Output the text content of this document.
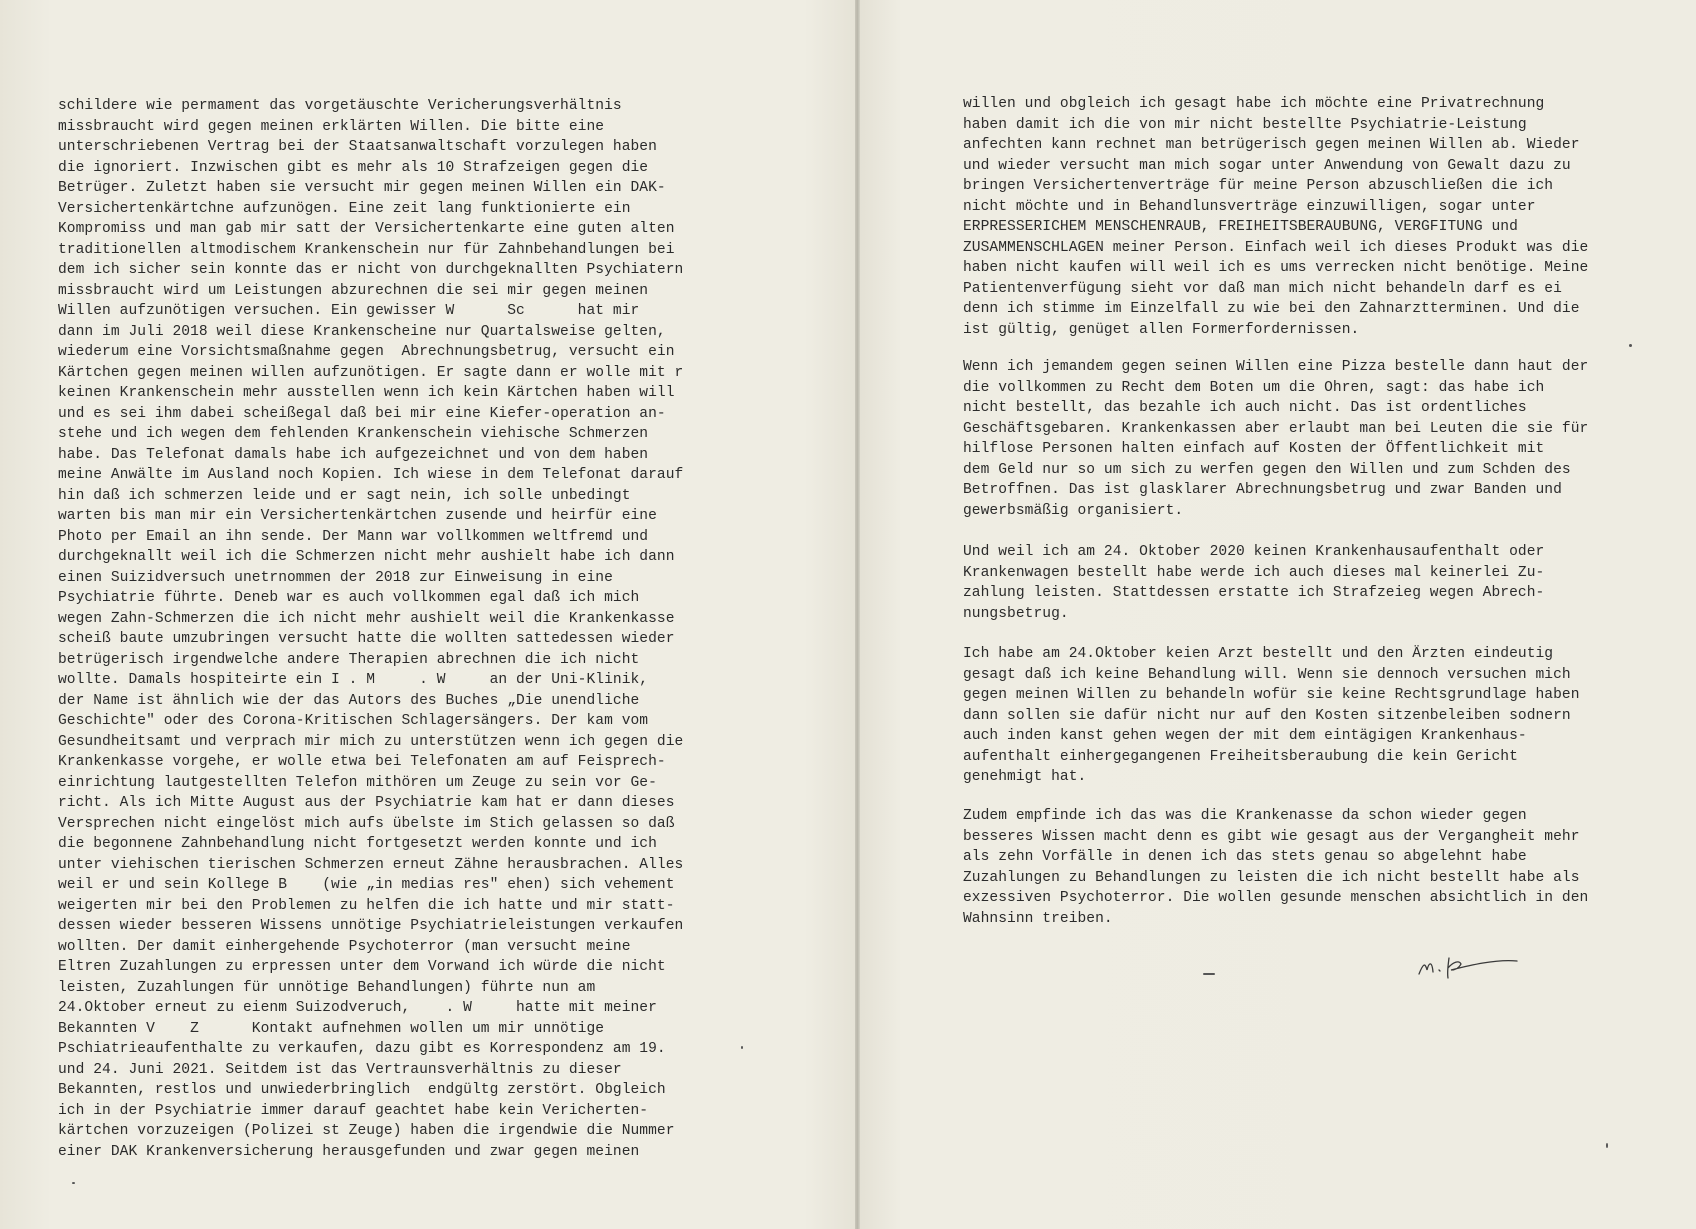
schildere wie permament das vorgetäuschte Vericherungsverhältnis
missbraucht wird gegen meinen erklärten Willen. Die bitte eine
unterschriebenen Vertrag bei der Staatsanwaltschaft vorzulegen haben
die ignoriert. Inzwischen gibt es mehr als 10 Strafzeigen gegen die
Betrüger. Zuletzt haben sie versucht mir gegen meinen Willen ein DAK-
Versichertenkärtchne aufzunögen. Eine zeit lang funktionierte ein
Kompromiss und man gab mir satt der Versichertenkarte eine guten alten
traditionellen altmodischem Krankenschein nur für Zahnbehandlungen bei
dem ich sicher sein konnte das er nicht von durchgeknallten Psychiatern
missbraucht wird um Leistungen abzurechnen die sei mir gegen meinen
Willen aufzunötigen versuchen. Ein gewisser W      Sc      hat mir
dann im Juli 2018 weil diese Krankenscheine nur Quartalsweise gelten,
wiederum eine Vorsichtsmaßnahme gegen  Abrechnungsbetrug, versucht ein
Kärtchen gegen meinen willen aufzunötigen. Er sagte dann er wolle mit r
keinen Krankenschein mehr ausstellen wenn ich kein Kärtchen haben will
und es sei ihm dabei scheißegal daß bei mir eine Kiefer-operation an-
stehe und ich wegen dem fehlenden Krankenschein viehische Schmerzen
habe. Das Telefonat damals habe ich aufgezeichnet und von dem haben
meine Anwälte im Ausland noch Kopien. Ich wiese in dem Telefonat darauf
hin daß ich schmerzen leide und er sagt nein, ich solle unbedingt
warten bis man mir ein Versichertenkärtchen zusende und heirfür eine
Photo per Email an ihn sende. Der Mann war vollkommen weltfremd und
durchgeknallt weil ich die Schmerzen nicht mehr aushielt habe ich dann
einen Suizidversuch unetrnommen der 2018 zur Einweisung in eine
Psychiatrie führte. Deneb war es auch vollkommen egal daß ich mich
wegen Zahn-Schmerzen die ich nicht mehr aushielt weil die Krankenkasse
scheiß baute umzubringen versucht hatte die wollten sattedessen wieder
betrügerisch irgendwelche andere Therapien abrechnen die ich nicht
wollte. Damals hospiteirte ein I . M     . W     an der Uni-Klinik,
der Name ist ähnlich wie der das Autors des Buches „Die unendliche
Geschichte" oder des Corona-Kritischen Schlagersängers. Der kam vom
Gesundheitsamt und verprach mir mich zu unterstützen wenn ich gegen die
Krankenkasse vorgehe, er wolle etwa bei Telefonaten am auf Feisprech-
einrichtung lautgestellten Telefon mithören um Zeuge zu sein vor Ge-
richt. Als ich Mitte August aus der Psychiatrie kam hat er dann dieses
Versprechen nicht eingelöst mich aufs übelste im Stich gelassen so daß
die begonnene Zahnbehandlung nicht fortgesetzt werden konnte und ich
unter viehischen tierischen Schmerzen erneut Zähne herausbrachen. Alles
weil er und sein Kollege B    (wie „in medias res" ehen) sich vehement
weigerten mir bei den Problemen zu helfen die ich hatte und mir statt-
dessen wieder besseren Wissens unnötige Psychiatrieleistungen verkaufen
wollten. Der damit einhergehende Psychoterror (man versucht meine
Eltren Zuzahlungen zu erpressen unter dem Vorwand ich würde die nicht
leisten, Zuzahlungen für unnötige Behandlungen) führte nun am
24.Oktober erneut zu eienm Suizodveruch,    . W     hatte mit meiner
Bekannten V    Z      Kontakt aufnehmen wollen um mir unnötige
Pschiatrieaufenthalte zu verkaufen, dazu gibt es Korrespondenz am 19.
und 24. Juni 2021. Seitdem ist das Vertraunsverhältnis zu dieser
Bekannten, restlos und unwiederbringlich  endgültg zerstört. Obgleich
ich in der Psychiatrie immer darauf geachtet habe kein Vericherten-
kärtchen vorzuzeigen (Polizei st Zeuge) haben die irgendwie die Nummer
einer DAK Krankenversicherung herausgefunden und zwar gegen meinen
willen und obgleich ich gesagt habe ich möchte eine Privatrechnung
haben damit ich die von mir nicht bestellte Psychiatrie-Leistung
anfechten kann rechnet man betrügerisch gegen meinen Willen ab. Wieder
und wieder versucht man mich sogar unter Anwendung von Gewalt dazu zu
bringen Versichertenverträge für meine Person abzuschließen die ich
nicht möchte und in Behandlunsverträge einzuwilligen, sogar unter
ERPRESSERICHEM MENSCHENRAUB, FREIHEITSBERAUBUNG, VERGFITUNG und
ZUSAMMENSCHLAGEN meiner Person. Einfach weil ich dieses Produkt was die
haben nicht kaufen will weil ich es ums verrecken nicht benötige. Meine
Patientenverfügung sieht vor daß man mich nicht behandeln darf es ei
denn ich stimme im Einzelfall zu wie bei den Zahnarztterminen. Und die
ist gültig, genüget allen Formerfordernissen.
Wenn ich jemandem gegen seinen Willen eine Pizza bestelle dann haut der
die vollkommen zu Recht dem Boten um die Ohren, sagt: das habe ich
nicht bestellt, das bezahle ich auch nicht. Das ist ordentliches
Geschäftsgebaren. Krankenkassen aber erlaubt man bei Leuten die sie für
hilflose Personen halten einfach auf Kosten der Öffentlichkeit mit
dem Geld nur so um sich zu werfen gegen den Willen und zum Schden des
Betroffnen. Das ist glasklarer Abrechnungsbetrug und zwar Banden und
gewerbsmäßig organisiert.
Und weil ich am 24. Oktober 2020 keinen Krankenhausaufenthalt oder
Krankenwagen bestellt habe werde ich auch dieses mal keinerlei Zu-
zahlung leisten. Stattdessen erstatte ich Strafzeieg wegen Abrech-
nungsbetrug.
Ich habe am 24.Oktober keien Arzt bestellt und den Ärzten eindeutig
gesagt daß ich keine Behandlung will. Wenn sie dennoch versuchen mich
gegen meinen Willen zu behandeln wofür sie keine Rechtsgrundlage haben
dann sollen sie dafür nicht nur auf den Kosten sitzenbeleiben sodnern
auch inden kanst gehen wegen der mit dem eintägigen Krankenhaus-
aufenthalt einhergegangenen Freiheitsberaubung die kein Gericht
genehmigt hat.
Zudem empfinde ich das was die Krankenasse da schon wieder gegen
besseres Wissen macht denn es gibt wie gesagt aus der Vergangheit mehr
als zehn Vorfälle in denen ich das stets genau so abgelehnt habe
Zuzahlungen zu Behandlungen zu leisten die ich nicht bestellt habe als
exzessiven Psychoterror. Die wollen gesunde menschen absichtlich in den
Wahnsinn treiben.
